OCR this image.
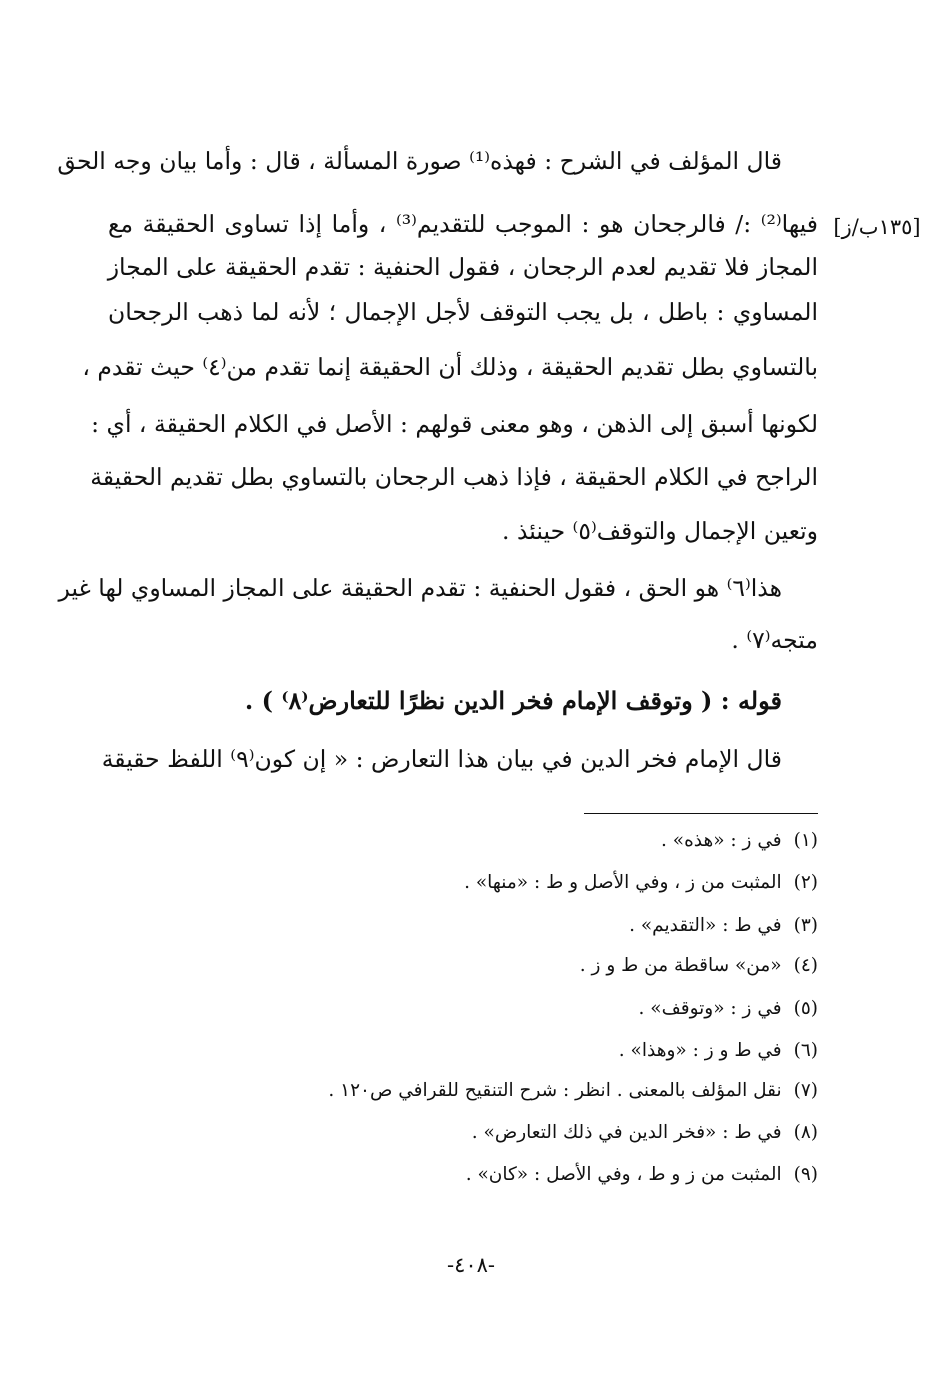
[١٣٥ب/ز]
قال المؤلف في الشرح : فهذه⁽¹⁾ صورة المسألة ، قال : وأما بيان وجه الحق
فيها⁽²⁾ :/ فالرجحان هو : الموجب للتقديم⁽³⁾ ، وأما إذا تساوى الحقيقة مع
المجاز فلا تقديم لعدم الرجحان ، فقول الحنفية : تقدم الحقيقة على المجاز
المساوي : باطل ، بل يجب التوقف لأجل الإجمال ؛ لأنه لما ذهب الرجحان
بالتساوي بطل تقديم الحقيقة ، وذلك أن الحقيقة إنما تقدم من⁽٤⁾ حيث تقدم ،
لكونها أسبق إلى الذهن ، وهو معنى قولهم : الأصل في الكلام الحقيقة ، أي :
الراجح في الكلام الحقيقة ، فإذا ذهب الرجحان بالتساوي بطل تقديم الحقيقة
وتعين الإجمال والتوقف⁽٥⁾ حينئذ .
هذا⁽٦⁾ هو الحق ، فقول الحنفية : تقدم الحقيقة على المجاز المساوي لها غير
متجه⁽٧⁾ .
قوله : ( وتوقف الإمام فخر الدين نظرًا للتعارض⁽٨⁾ ) .
قال الإمام فخر الدين في بيان هذا التعارض : « إن كون⁽٩⁾ اللفظ حقيقة
(١)في ز : «هذه» .
(٢)المثبت من ز ، وفي الأصل و ط : «منها» .
(٣)في ط : «التقديم» .
(٤)«من» ساقطة من ط و ز .
(٥)في ز : «وتوقف» .
(٦)في ط و ز : «وهذا» .
(٧)نقل المؤلف بالمعنى . انظر : شرح التنقيح للقرافي ص١٢٠ .
(٨)في ط : «فخر الدين في ذلك التعارض» .
(٩)المثبت من ز و ط ، وفي الأصل : «كان» .
-٤٠٨-
